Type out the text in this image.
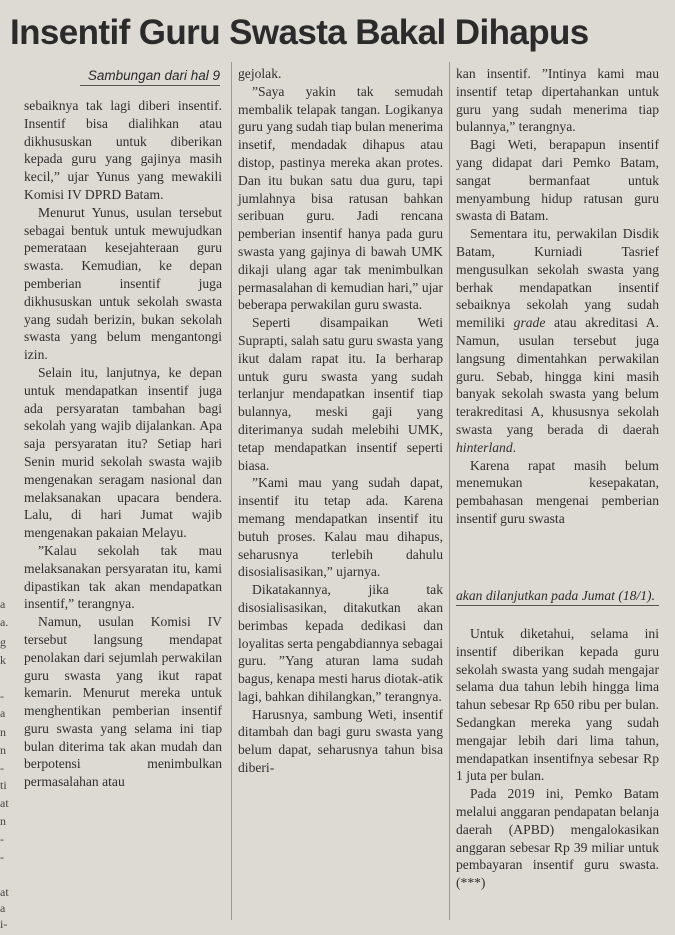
Insentif Guru Swasta Bakal Dihapus
Sambungan dari hal 9

sebaiknya tak lagi diberi insentif. Insentif bisa dialihkan atau dikhususkan untuk diberikan kepada guru yang gajinya masih kecil,” ujar Yunus yang mewakili Komisi IV DPRD Batam.

Menurut Yunus, usulan tersebut sebagai bentuk untuk mewujudkan pemerataan kesejahteraan guru swasta. Kemudian, ke depan pemberian insentif juga dikhususkan untuk sekolah swasta yang sudah berizin, bukan sekolah swasta yang belum mengantongi izin.

Selain itu, lanjutnya, ke depan untuk mendapatkan insentif juga ada persyaratan tambahan bagi sekolah yang wajib dijalankan. Apa saja persyaratan itu? Setiap hari Senin murid sekolah swasta wajib mengenakan seragam nasional dan melaksanakan upacara bendera. Lalu, di hari Jumat wajib mengenakan pakaian Melayu.

”Kalau sekolah tak mau melaksanakan persyaratan itu, kami dipastikan tak akan mendapatkan insentif,” terangnya.

Namun, usulan Komisi IV tersebut langsung mendapat penolakan dari sejumlah perwakilan guru swasta yang ikut rapat kemarin. Menurut mereka untuk menghentikan pemberian insentif guru swasta yang selama ini tiap bulan diterima tak akan mudah dan berpotensi menimbulkan permasalahan atau

gejolak.

”Saya yakin tak semudah membalik telapak tangan. Logikanya guru yang sudah tiap bulan menerima insetif, mendadak dihapus atau distop, pastinya mereka akan protes. Dan itu bukan satu dua guru, tapi jumlahnya bisa ratusan bahkan seribuan guru. Jadi rencana pemberian insentif hanya pada guru swasta yang gajinya di bawah UMK dikaji ulang agar tak menimbulkan permasalahan di kemudian hari,” ujar beberapa perwakilan guru swasta.

Seperti disampaikan Weti Suprapti, salah satu guru swasta yang ikut dalam rapat itu. Ia berharap untuk guru swasta yang sudah terlanjur mendapatkan insentif tiap bulannya, meski gaji yang diterimanya sudah melebihi UMK, tetap mendapatkan insentif seperti biasa.

”Kami mau yang sudah dapat, insentif itu tetap ada. Karena memang mendapatkan insentif itu butuh proses. Kalau mau dihapus, seharusnya terlebih dahulu disosialisasikan,” ujarnya.

Dikatakannya, jika tak disosialisasikan, ditakutkan akan berimbas kepada dedikasi dan loyalitas serta pengabdiannya sebagai guru. ”Yang aturan lama sudah bagus, kenapa mesti harus diotak-atik lagi, bahkan dihilangkan,” terangnya.

Harusnya, sambung Weti, insentif ditambah dan bagi guru swasta yang belum dapat, seharusnya tahun bisa diberi-

kan insentif. ”Intinya kami mau insentif tetap dipertahankan untuk guru yang sudah menerima tiap bulannya,” terangnya.

Bagi Weti, berapapun insentif yang didapat dari Pemko Batam, sangat bermanfaat untuk menyambung hidup ratusan guru swasta di Batam.

Sementara itu, perwakilan Disdik Batam, Kurniadi Tasrief mengusulkan sekolah swasta yang berhak mendapatkan insentif sebaiknya sekolah yang sudah memiliki grade atau akreditasi A. Namun, usulan tersebut juga langsung dimentahkan perwakilan guru. Sebab, hingga kini masih banyak sekolah swasta yang belum terakreditasi A, khususnya sekolah swasta yang berada di daerah hinterland.

Karena rapat masih belum menemukan kesepakatan, pembahasan mengenai pemberian insentif guru swasta

akan dilanjutkan pada Jumat (18/1).

Untuk diketahui, selama ini insentif diberikan kepada guru sekolah swasta yang sudah mengajar selama dua tahun lebih hingga lima tahun sebesar Rp 650 ribu per bulan. Sedangkan mereka yang sudah mengajar lebih dari lima tahun, mendapatkan insentifnya sebesar Rp 1 juta per bulan.

Pada 2019 ini, Pemko Batam melalui anggaran pendapatan belanja daerah (APBD) mengalokasikan anggaran sebesar Rp 39 miliar untuk pembayaran insentif guru swasta.(***)

a
a.
g
k
-
a
n
n
-
ti
at
n
-
-
at
a
i-
